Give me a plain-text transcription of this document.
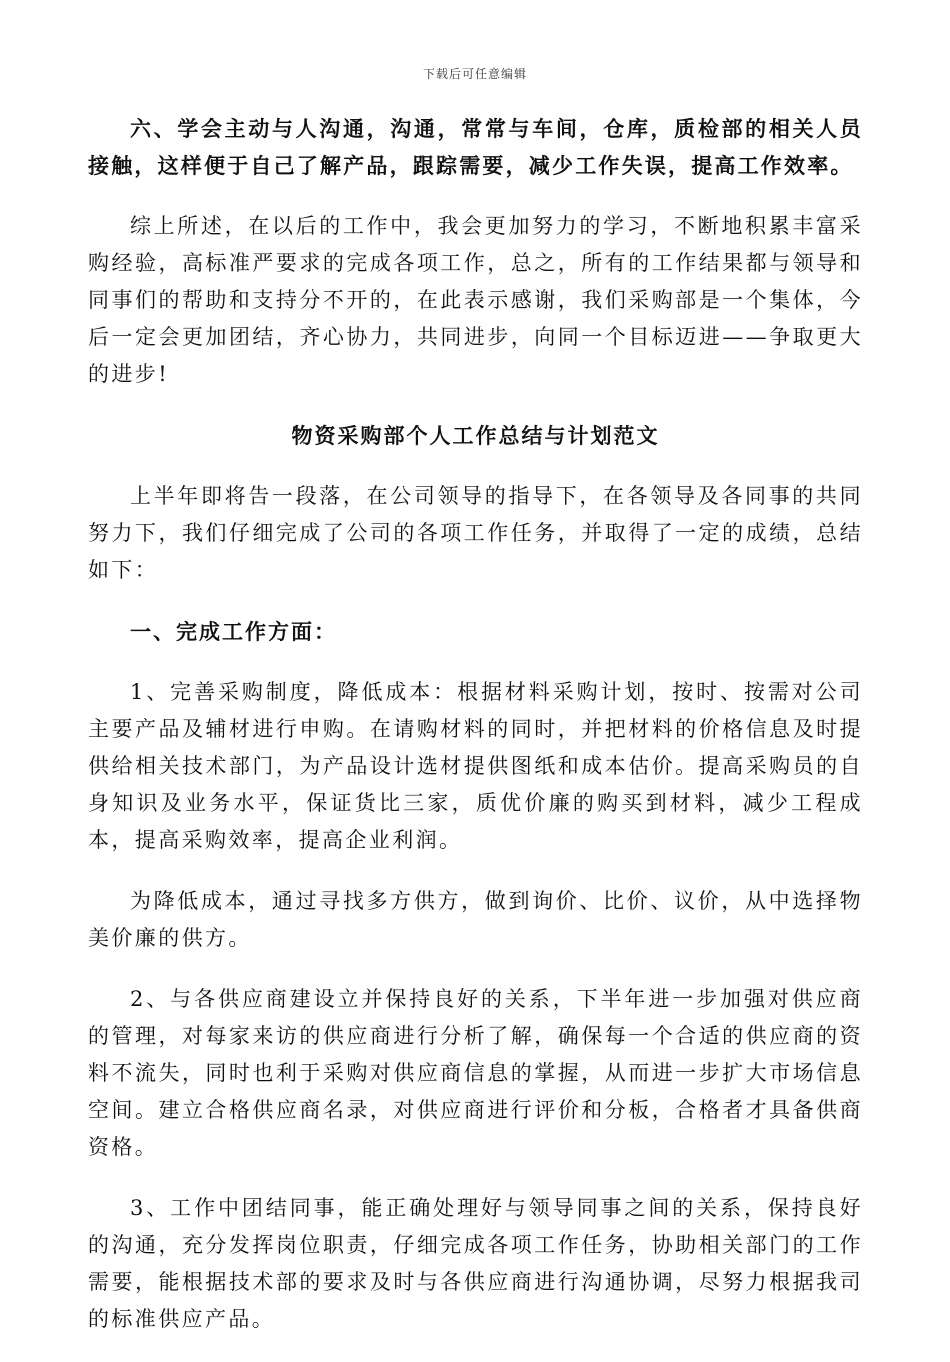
下载后可任意编辑

六、学会主动与人沟通，沟通，常常与车间，仓库，质检部的相关人员接触，这样便于自己了解产品，跟踪需要，减少工作失误，提高工作效率。

综上所述，在以后的工作中，我会更加努力的学习，不断地积累丰富采购经验，高标准严要求的完成各项工作，总之，所有的工作结果都与领导和同事们的帮助和支持分不开的，在此表示感谢，我们采购部是一个集体，今后一定会更加团结，齐心协力，共同进步，向同一个目标迈进——争取更大的进步!

物资采购部个人工作总结与计划范文

上半年即将告一段落，在公司领导的指导下，在各领导及各同事的共同努力下，我们仔细完成了公司的各项工作任务，并取得了一定的成绩，总结如下：

一、完成工作方面：

1、完善采购制度，降低成本：根据材料采购计划，按时、按需对公司主要产品及辅材进行申购。在请购材料的同时，并把材料的价格信息及时提供给相关技术部门，为产品设计选材提供图纸和成本估价。提高采购员的自身知识及业务水平，保证货比三家，质优价廉的购买到材料，减少工程成本，提高采购效率，提高企业利润。

为降低成本，通过寻找多方供方，做到询价、比价、议价，从中选择物美价廉的供方。

2、与各供应商建设立并保持良好的关系，下半年进一步加强对供应商的管理，对每家来访的供应商进行分析了解，确保每一个合适的供应商的资料不流失，同时也利于采购对供应商信息的掌握，从而进一步扩大市场信息空间。建立合格供应商名录，对供应商进行评价和分板，合格者才具备供商资格。

3、工作中团结同事，能正确处理好与领导同事之间的关系，保持良好的沟通，充分发挥岗位职责，仔细完成各项工作任务，协助相关部门的工作需要，能根据技术部的要求及时与各供应商进行沟通协调，尽努力根据我司的标准供应产品。
